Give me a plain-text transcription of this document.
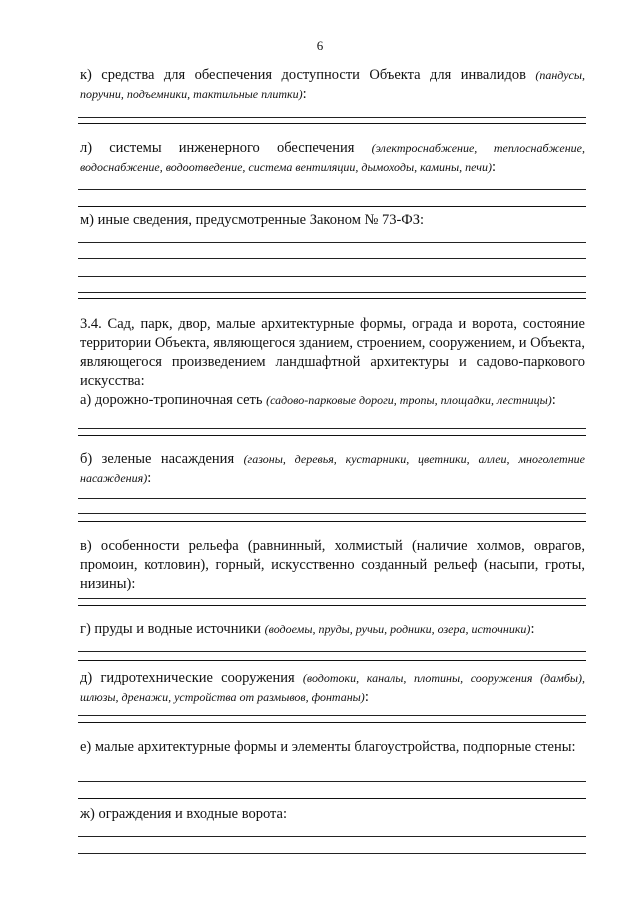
6
к) средства для обеспечения доступности Объекта для инвалидов (пандусы, поручни, подъемники, тактильные плитки):
л) системы инженерного обеспечения (электроснабжение, теплоснабжение, водоснабжение, водоотведение, система вентиляции, дымоходы, камины, печи):
м) иные сведения, предусмотренные Законом № 73-ФЗ:
3.4. Сад, парк, двор, малые архитектурные формы, ограда и ворота, состояние территории Объекта, являющегося зданием, строением, сооружением, и Объекта, являющегося произведением ландшафтной архитектуры и садово-паркового искусства:
а) дорожно-тропиночная сеть (садово-парковые дороги, тропы, площадки, лестницы):
б) зеленые насаждения (газоны, деревья, кустарники, цветники, аллеи, многолетние насаждения):
в) особенности рельефа (равнинный, холмистый (наличие холмов, оврагов, промоин, котловин), горный, искусственно созданный рельеф (насыпи, гроты, низины):
г) пруды и водные источники (водоемы, пруды, ручьи, родники, озера, источники):
д) гидротехнические сооружения (водотоки, каналы, плотины, сооружения (дамбы), шлюзы, дренажи, устройства от размывов, фонтаны):
е) малые архитектурные формы и элементы благоустройства, подпорные стены:
ж) ограждения и входные ворота:
